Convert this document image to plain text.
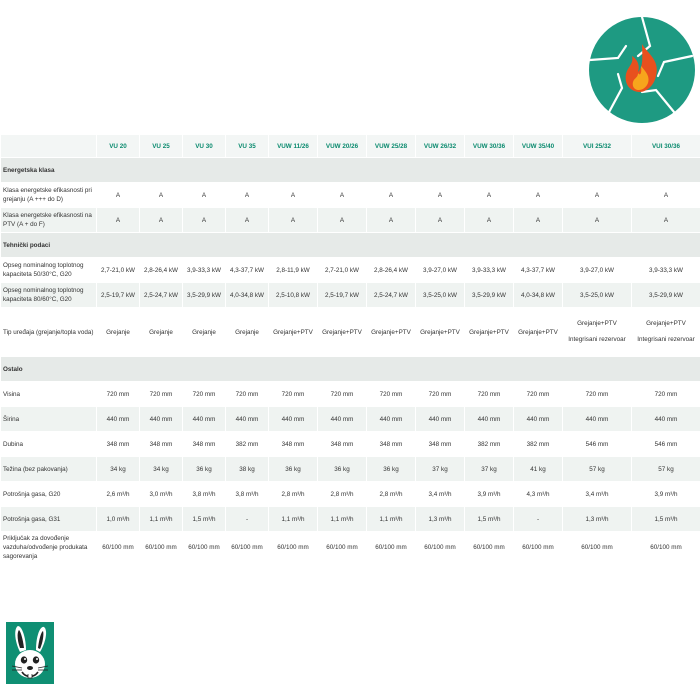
	VU 20	VU 25	VU 30	VU 35	VUW 11/26	VUW 20/26	VUW 25/28	VUW 26/32	VUW 30/36	VUW 35/40	VUI 25/32	VUI 30/36
Energetska klasa												
Klasa energetske efikasnosti pri grejanju (A +++ do D)	A	A	A	A	A	A	A	A	A	A	A	A
Klasa energetske efikasnosti na PTV (A + do F)	A	A	A	A	A	A	A	A	A	A	A	A
Tehnički podaci												
Opseg nominalnog toplotnog kapaciteta 50/30°C, G20	2,7-21,0 kW	2,8-26,4 kW	3,9-33,3 kW	4,3-37,7 kW	2,8-11,9 kW	2,7-21,0 kW	2,8-26,4 kW	3,9-27,0 kW	3,9-33,3 kW	4,3-37,7 kW	3,9-27,0 kW	3,9-33,3 kW
Opseg nominalnog toplotnog kapaciteta 80/60°C, G20	2,5-19,7 kW	2,5-24,7 kW	3,5-29,9 kW	4,0-34,8 kW	2,5-10,8 kW	2,5-19,7 kW	2,5-24,7 kW	3,5-25,0 kW	3,5-29,9 kW	4,0-34,8 kW	3,5-25,0 kW	3,5-29,9 kW
Tip uređaja (grejanje/topla voda)	Grejanje	Grejanje	Grejanje	Grejanje	Grejanje+PTV	Grejanje+PTV	Grejanje+PTV	Grejanje+PTV	Grejanje+PTV	Grejanje+PTV	Grejanje+PTV Integrisani rezervoar	Grejanje+PTV Integrisani rezervoar
Ostalo												
Visina	720 mm	720 mm	720 mm	720 mm	720 mm	720 mm	720 mm	720 mm	720 mm	720 mm	720 mm	720 mm
Širina	440 mm	440 mm	440 mm	440 mm	440 mm	440 mm	440 mm	440 mm	440 mm	440 mm	440 mm	440 mm
Dubina	348 mm	348 mm	348 mm	382 mm	348 mm	348 mm	348 mm	348 mm	382 mm	382 mm	546 mm	546 mm
Težina (bez pakovanja)	34 kg	34 kg	36 kg	38 kg	36 kg	36 kg	36 kg	37 kg	37 kg	41 kg	57 kg	57 kg
Potrošnja gasa, G20	2,6 m³/h	3,0 m³/h	3,8 m³/h	3,8 m³/h	2,8 m³/h	2,8 m³/h	2,8 m³/h	3,4 m³/h	3,9 m³/h	4,3 m³/h	3,4 m³/h	3,9 m³/h
Potrošnja gasa, G31	1,0 m³/h	1,1 m³/h	1,5 m³/h	-	1,1 m³/h	1,1 m³/h	1,1 m³/h	1,3 m³/h	1,5 m³/h	-	1,3 m³/h	1,5 m³/h
Priključak za dovođenje vazduha/odvođenje produkata sagorevanja	60/100 mm	60/100 mm	60/100 mm	60/100 mm	60/100 mm	60/100 mm	60/100 mm	60/100 mm	60/100 mm	60/100 mm	60/100 mm	60/100 mm
